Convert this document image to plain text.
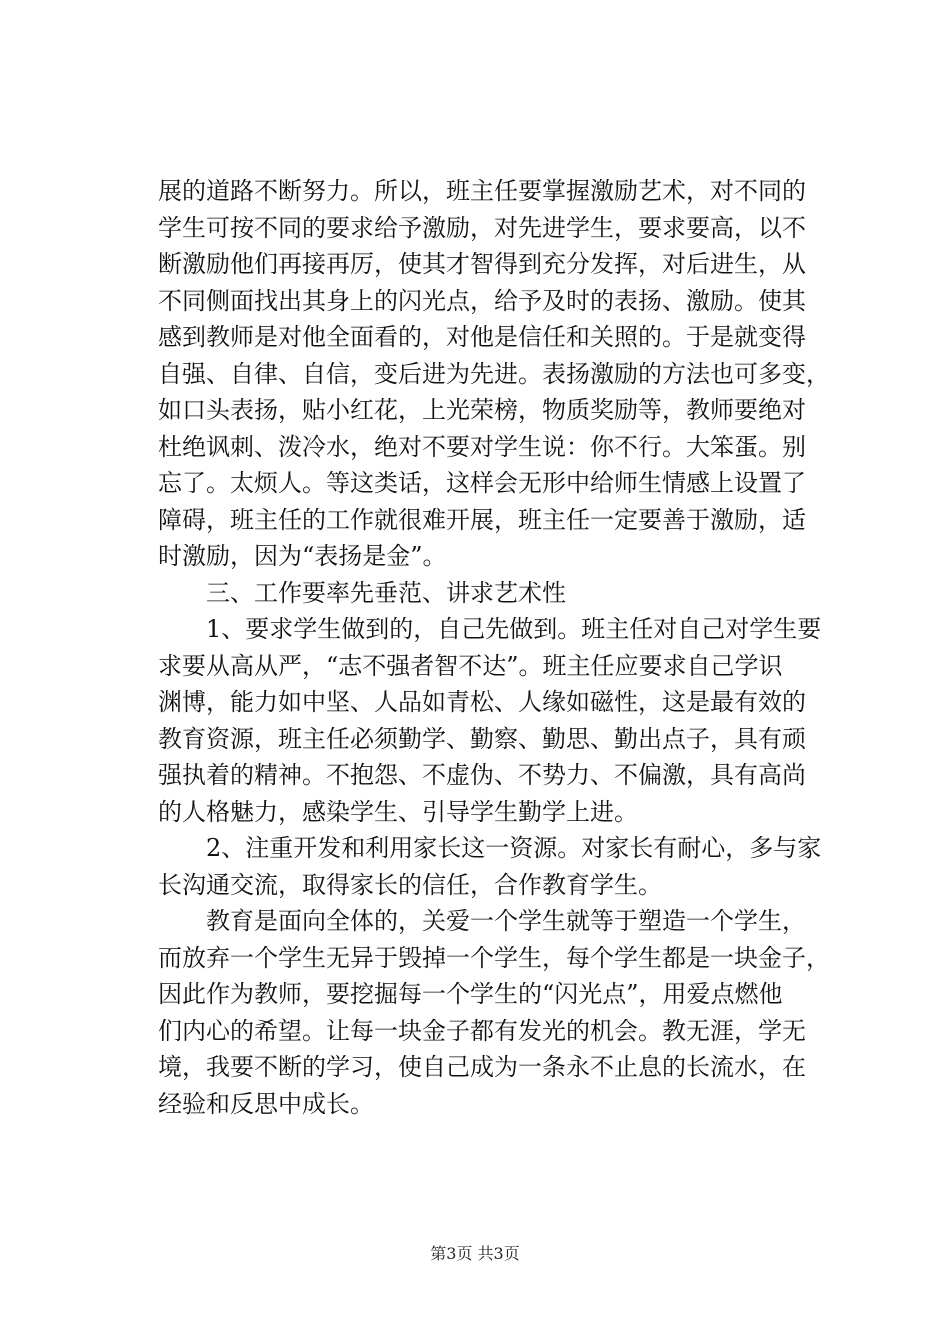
展的道路不断努力。所以，班主任要掌握激励艺术，对不同的
学生可按不同的要求给予激励，对先进学生，要求要高，以不
断激励他们再接再厉，使其才智得到充分发挥，对后进生，从
不同侧面找出其身上的闪光点，给予及时的表扬、激励。使其
感到教师是对他全面看的，对他是信任和关照的。于是就变得
自强、自律、自信，变后进为先进。表扬激励的方法也可多变，
如口头表扬，贴小红花，上光荣榜，物质奖励等，教师要绝对
杜绝讽刺、泼冷水，绝对不要对学生说：你不行。大笨蛋。别
忘了。太烦人。等这类话，这样会无形中给师生情感上设置了
障碍，班主任的工作就很难开展，班主任一定要善于激励，适
时激励，因为“表扬是金”。
　　三、工作要率先垂范、讲求艺术性
　　1、要求学生做到的，自己先做到。班主任对自己对学生要
求要从高从严，“志不强者智不达”。班主任应要求自己学识
渊博，能力如中坚、人品如青松、人缘如磁性，这是最有效的
教育资源，班主任必须勤学、勤察、勤思、勤出点子，具有顽
强执着的精神。不抱怨、不虚伪、不势力、不偏激，具有高尚
的人格魅力，感染学生、引导学生勤学上进。
　　2、注重开发和利用家长这一资源。对家长有耐心，多与家
长沟通交流，取得家长的信任，合作教育学生。
　　教育是面向全体的，关爱一个学生就等于塑造一个学生，
而放弃一个学生无异于毁掉一个学生，每个学生都是一块金子，
因此作为教师，要挖掘每一个学生的“闪光点”，用爱点燃他
们内心的希望。让每一块金子都有发光的机会。教无涯，学无
境，我要不断的学习，使自己成为一条永不止息的长流水，在
经验和反思中成长。
第3页 共3页
